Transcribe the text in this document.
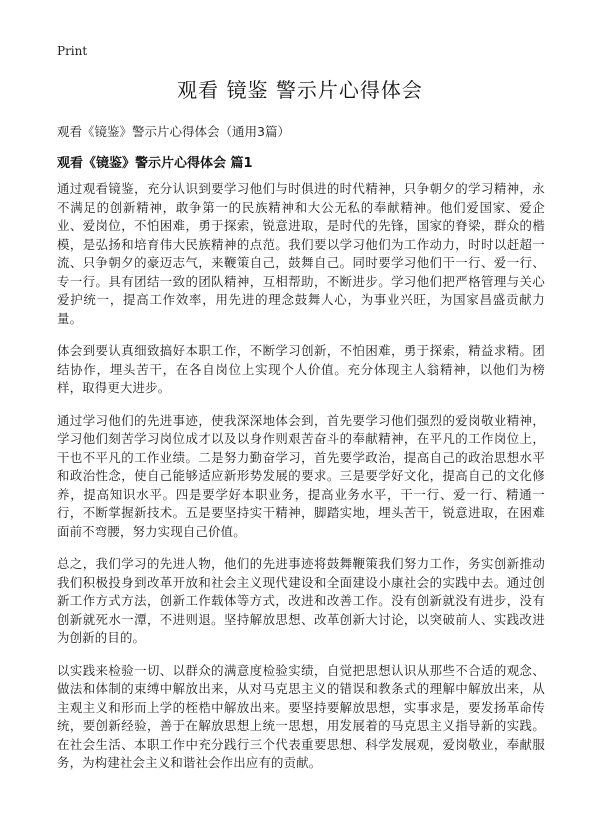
Print
观看 镜鉴 警示片心得体会
观看《镜鉴》警示片心得体会（通用3篇）
观看《镜鉴》警示片心得体会 篇1

通过观看镜鉴，充分认识到要学习他们与时俱进的时代精神，只争朝夕的学习精神，永不满足的创新精神，敢争第一的民族精神和大公无私的奉献精神。他们爱国家、爱企业、爱岗位，不怕困难，勇于探索，锐意进取，是时代的先锋，国家的脊梁，群众的楷模，是弘扬和培育伟大民族精神的点范。我们要以学习他们为工作动力，时时以赶超一流、只争朝夕的豪迈志气，来鞭策自己，鼓舞自己。同时要学习他们干一行、爱一行、专一行。具有团结一致的团队精神，互相帮助，不断进步。学习他们把严格管理与关心爱护统一，提高工作效率，用先进的理念鼓舞人心，为事业兴旺，为国家昌盛贡献力量。

体会到要认真细致搞好本职工作，不断学习创新，不怕困难，勇于探索，精益求精。团结协作，埋头苦干，在各自岗位上实现个人价值。充分体现主人翁精神，以他们为榜样，取得更大进步。

通过学习他们的先进事迹，使我深深地体会到，首先要学习他们强烈的爱岗敬业精神，学习他们刻苦学习岗位成才以及以身作则艰苦奋斗的奉献精神，在平凡的工作岗位上，干也不平凡的工作业绩。二是努力勤奋学习，首先要学政治，提高自己的政治思想水平和政治性念，使自己能够适应新形势发展的要求。三是要学好文化，提高自己的文化修养，提高知识水平。四是要学好本职业务，提高业务水平，干一行、爱一行、精通一行，不断掌握新技术。五是要坚持实干精神，脚踏实地，埋头苦干，锐意进取，在困难面前不弯腰，努力实现自己价值。

总之，我们学习的先进人物，他们的先进事迹将鼓舞鞭策我们努力工作，务实创新推动我们积极投身到改革开放和社会主义现代建设和全面建设小康社会的实践中去。通过创新工作方式方法，创新工作载体等方式，改进和改善工作。没有创新就没有进步，没有创新就死水一潭，不进则退。坚持解放思想、改革创新大讨论，以突破前人、实践改进为创新的目的。

以实践来检验一切、以群众的满意度检验实绩，自觉把思想认识从那些不合适的观念、做法和体制的束缚中解放出来，从对马克思主义的错误和教条式的理解中解放出来，从主观主义和形而上学的桎梏中解放出来。要坚持要解放思想，实事求是，要发扬革命传统，要创新经验，善于在解放思想上统一思想，用发展着的马克思主义指导新的实践。在社会生活、本职工作中充分践行三个代表重要思想、科学发展观，爱岗敬业，奉献服务，为构建社会主义和谐社会作出应有的贡献。
